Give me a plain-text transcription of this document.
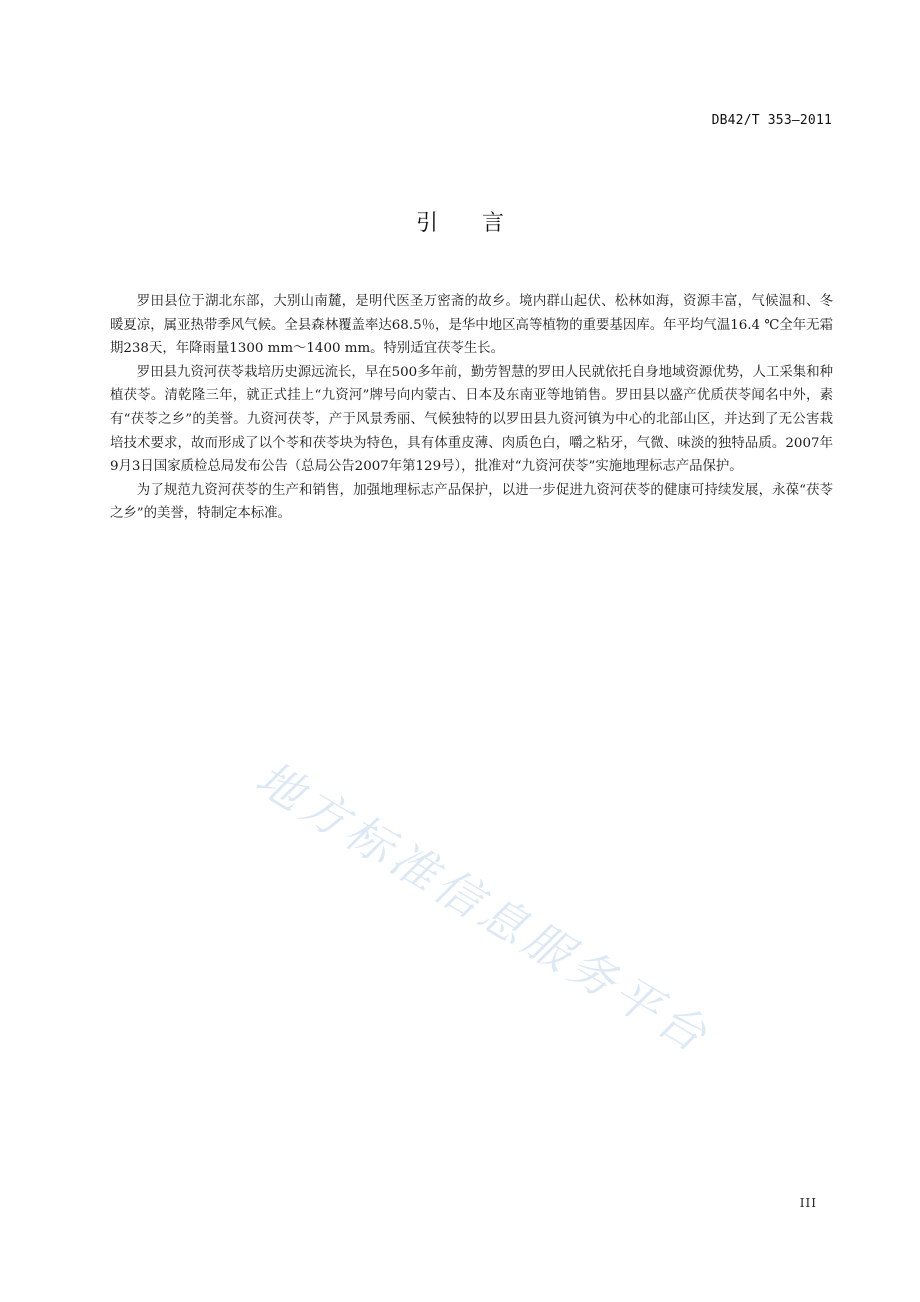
DB42/T 353—2011
引言

罗田县位于湖北东部，大别山南麓，是明代医圣万密斋的故乡。境内群山起伏、松林如海，资源丰富，气候温和、冬暖夏凉，属亚热带季风气候。全县森林覆盖率达68.5％，是华中地区高等植物的重要基因库。年平均气温16.4 ℃全年无霜期238天，年降雨量1300 mm～1400 mm。特别适宜茯苓生长。

罗田县九资河茯苓栽培历史源远流长，早在500多年前，勤劳智慧的罗田人民就依托自身地域资源优势，人工采集和种植茯苓。清乾隆三年，就正式挂上“九资河”牌号向内蒙古、日本及东南亚等地销售。罗田县以盛产优质茯苓闻名中外，素有“茯苓之乡”的美誉。九资河茯苓，产于风景秀丽、气候独特的以罗田县九资河镇为中心的北部山区，并达到了无公害栽培技术要求，故而形成了以个苓和茯苓块为特色，具有体重皮薄、肉质色白，嚼之粘牙，气微、味淡的独特品质。2007年9月3日国家质检总局发布公告（总局公告2007年第129号），批准对“九资河茯苓”实施地理标志产品保护。

为了规范九资河茯苓的生产和销售，加强地理标志产品保护，以进一步促进九资河茯苓的健康可持续发展，永葆“茯苓之乡”的美誉，特制定本标准。

地方标准信息服务平台
III
